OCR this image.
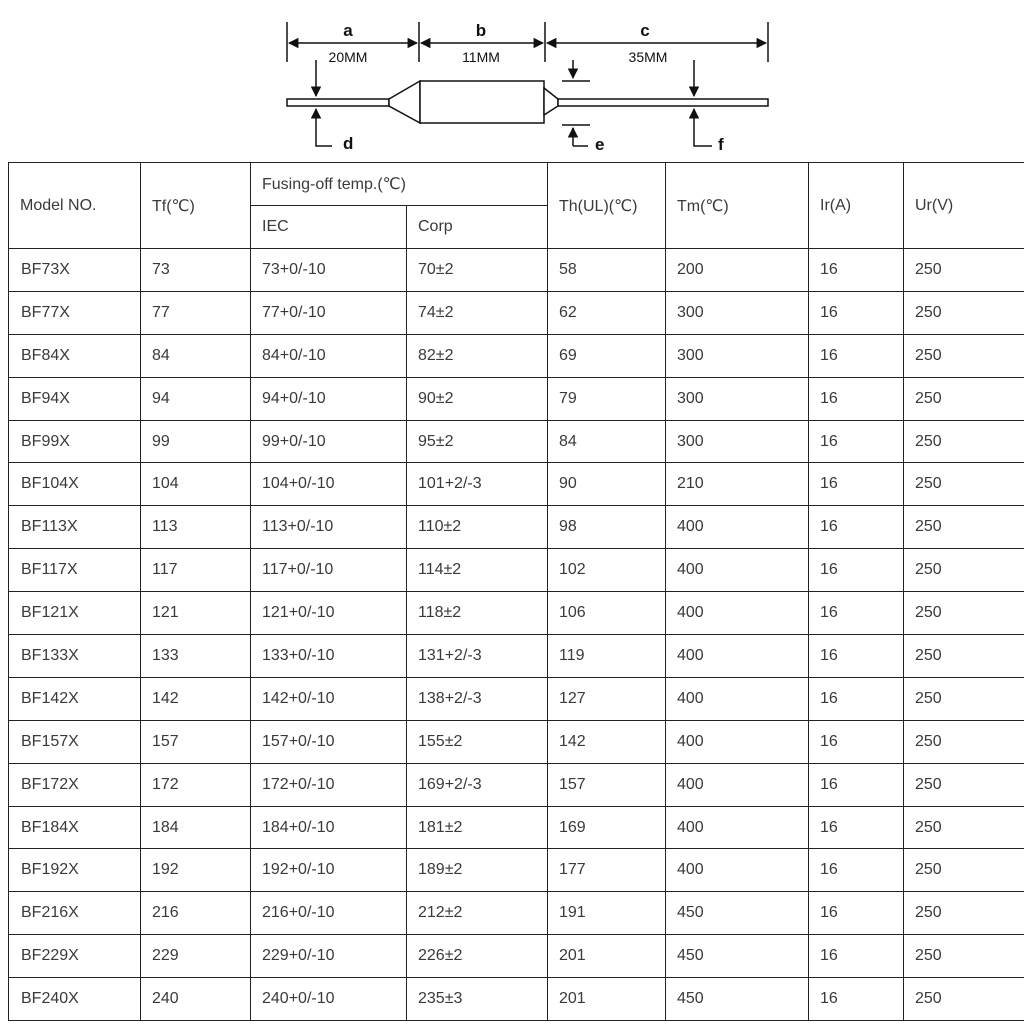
a
20MM
b
11MM
c
35MM
d	e	f
Model NO.	Tf(℃)	Fusing-off temp.(℃)		Th(UL)(℃)	Tm(℃)	Ir(A)	Ur(V)
		IEC	Corp				
BF73X	73	73+0/-10	70±2	58	200	16	250
BF77X	77	77+0/-10	74±2	62	300	16	250
BF84X	84	84+0/-10	82±2	69	300	16	250
BF94X	94	94+0/-10	90±2	79	300	16	250
BF99X	99	99+0/-10	95±2	84	300	16	250
BF104X	104	104+0/-10	101+2/-3	90	210	16	250
BF113X	113	113+0/-10	110±2	98	400	16	250
BF117X	117	117+0/-10	114±2	102	400	16	250
BF121X	121	121+0/-10	118±2	106	400	16	250
BF133X	133	133+0/-10	131+2/-3	119	400	16	250
BF142X	142	142+0/-10	138+2/-3	127	400	16	250
BF157X	157	157+0/-10	155±2	142	400	16	250
BF172X	172	172+0/-10	169+2/-3	157	400	16	250
BF184X	184	184+0/-10	181±2	169	400	16	250
BF192X	192	192+0/-10	189±2	177	400	16	250
BF216X	216	216+0/-10	212±2	191	450	16	250
BF229X	229	229+0/-10	226±2	201	450	16	250
BF240X	240	240+0/-10	235±3	201	450	16	250
